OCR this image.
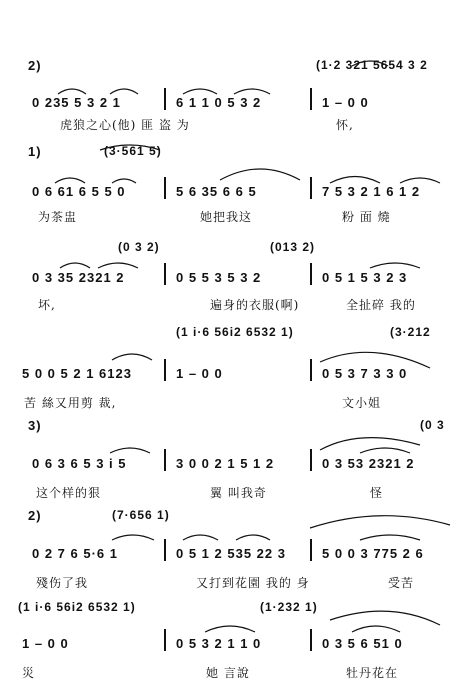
2)	(1·2 321 5654 3 2
0 235 5 3 2 1	6 1 1 0 5 3 2	1 – 0 0
虎狼之心(他) 匪 盗 为	怀,
1)	(3·561 5)
0 6 61 6 5 5 0	5 6 35 6 6 5	7 5 3 2 1 6 1 2
为茶盅	她把我这	粉 面 燒
(0 3 2)	(013 2)
0 3 35 2321 2	0 5 5 3 5 3 2	0 5 1 5 3 2 3
坏,	遍身的衣服(啊)	全扯碎 我的
(1 i·6 56i2 6532 1)	(3·212
5 0 0 5 2 1 6123	1 – 0 0	0 5 3 7 3 3 0
苦 絲又用剪 裁,	文小姐
3)	(0 3
0 6 3 6 5 3 i 5	3 0 0 2 1 5 1 2	0 3 53 2321 2
这个样的狠	翼 叫我奇	怪
2)	(7·656 1)
0 2 7 6 5·6 1	0 5 1 2 535 22 3	5 0 0 3 775 2 6
殘伤了我	又打到花園 我的 身	受苦
(1 i·6 56i2 6532 1)	(1·232 1)
1 – 0 0	0 5 3 2 1 1 0	0 3 5 6 51 0
災	她 言說	牡丹花在
